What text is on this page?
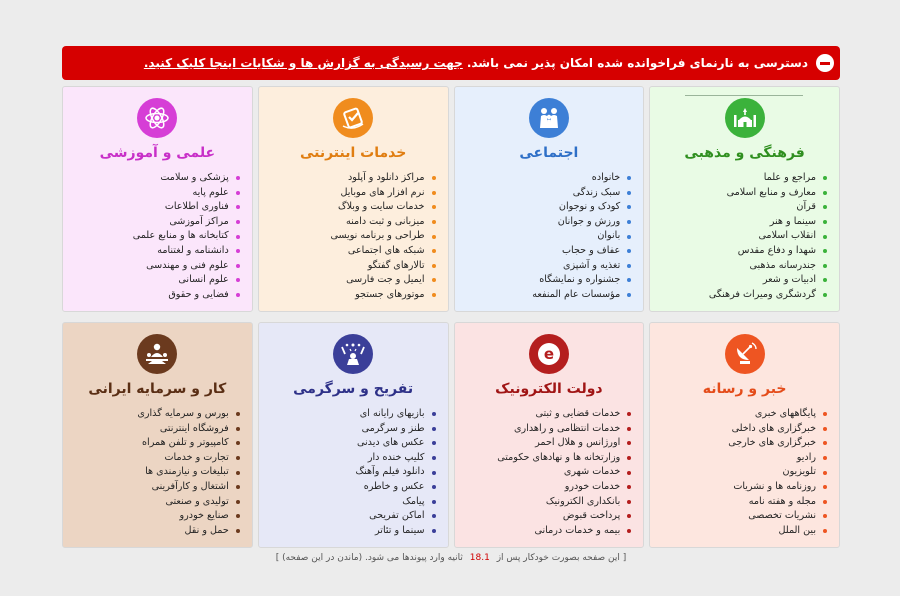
دسترسی به نارنمای فراخوانده شده امکان پذیر نمی باشد.
جهت رسیدگی به گزارش ها و شکایات اینجا کلیک کنید.
فرهنگی و مذهبی
مراجع و علما
معارف و منابع اسلامی
قرآن
سینما و هنر
انقلاب اسلامی
شهدا و دفاع مقدس
جندرسانه مذهبی
ادبیات و شعر
گردشگری ومیراث فرهنگی
اجتماعی
خانواده
سبک زندگی
کودک و نوجوان
ورزش و جوانان
بانوان
عفاف و حجاب
تغذیه و آشپزی
جشنواره و نمایشگاه
مؤسسات عام المنفعه
خدمات اینترنتی
مراکز دانلود و آپلود
نرم افزار های موبایل
خدمات سایت و وبلاگ
میزبانی و ثبت دامنه
طراحی و برنامه نویسی
شبکه های اجتماعی
تالارهای گفتگو
ایمیل و جت فارسی
موتورهای جستجو
علمی و آموزشی
پزشکی و سلامت
علوم پایه
فناوری اطلاعات
مراکز آموزشی
کتابخانه ها و منابع علمی
دانشنامه و لغتنامه
علوم فنی و مهندسی
علوم انسانی
فضایی و حقوق
خبر و رسانه
پایگاههای خبری
خبرگزاری های داخلی
خبرگزاری های خارجی
رادیو
تلویزیون
روزنامه ها و نشریات
مجله و هفته نامه
نشریات تخصصی
بین الملل
e
دولت الکترونیک
خدمات قضایی و ثبتی
خدمات انتظامی و راهداری
اورژانس و هلال احمر
وزارتخانه ها و نهادهای حکومتی
خدمات شهری
خدمات خودرو
بانکداری الکترونیک
پرداخت قبوض
بیمه و خدمات درمانی
تفریح و سرگرمی
بازیهای رایانه ای
طنز و سرگرمی
عکس های دیدنی
کلیپ خنده دار
دانلود فیلم وآهنگ
عکس و خاطره
پیامک
اماکن تفریحی
سینما و تئاتر
کار و سرمایه ایرانی
بورس و سرمایه گذاری
فروشگاه اینترنتی
کامپیوتر و تلفن همراه
تجارت و خدمات
تبلیغات و نیازمندی ها
اشتغال و کارآفرینی
تولیدی و صنعتی
صنایع خودرو
حمل و نقل
[ این صفحه بصورت خودکار پس از 18.1 ثانیه وارد پیوندها می شود. (ماندن در این صفحه) ]
